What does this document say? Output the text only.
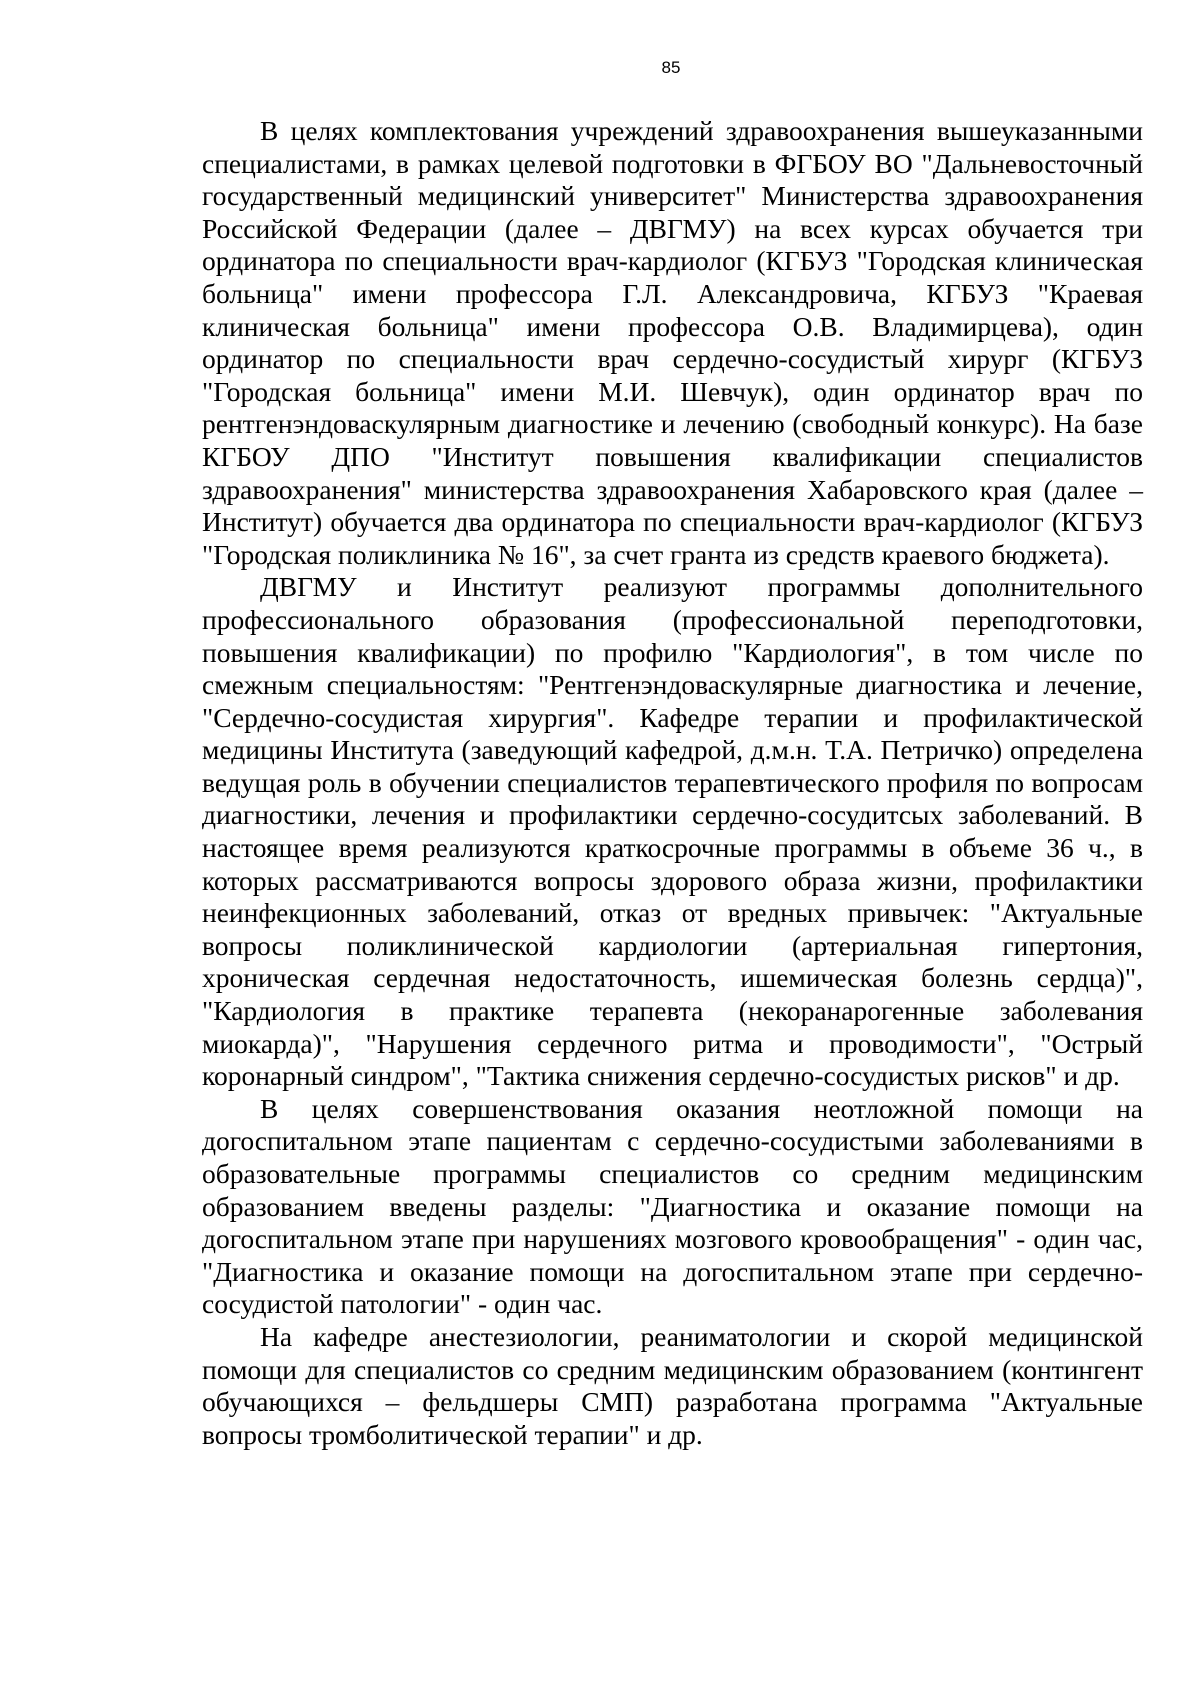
85

В целях комплектования учреждений здравоохранения вышеуказанными специалистами, в рамках целевой подготовки в ФГБОУ ВО "Дальневосточный государственный медицинский университет" Министерства здравоохранения Российской Федерации (далее – ДВГМУ) на всех курсах обучается три ординатора по специальности врач-кардиолог (КГБУЗ "Городская клиническая больница" имени профессора Г.Л. Александровича, КГБУЗ "Краевая клиническая больница" имени профессора О.В. Владимирцева), один ординатор по специальности врач сердечно-сосудистый хирург (КГБУЗ "Городская больница" имени М.И. Шевчук), один ординатор врач по рентгенэндоваскулярным диагностике и лечению (свободный конкурс). На базе КГБОУ ДПО "Институт повышения квалификации специалистов здравоохранения" министерства здравоохранения Хабаровского края (далее – Институт) обучается два ординатора по специальности врач-кардиолог (КГБУЗ "Городская поликлиника № 16", за счет гранта из средств краевого бюджета).

ДВГМУ и Институт реализуют программы дополнительного профессионального образования (профессиональной переподготовки, повышения квалификации) по профилю "Кардиология", в том числе по смежным специальностям: "Рентгенэндоваскулярные диагностика и лечение, "Сердечно-сосудистая хирургия". Кафедре терапии и профилактической медицины Института (заведующий кафедрой, д.м.н. Т.А. Петричко) определена ведущая роль в обучении специалистов терапевтического профиля по вопросам диагностики, лечения и профилактики сердечно-сосудитсых заболеваний. В настоящее время реализуются краткосрочные программы в объеме 36 ч., в которых рассматриваются вопросы здорового образа жизни, профилактики неинфекционных заболеваний, отказ от вредных привычек: "Актуальные вопросы поликлинической кардиологии (артериальная гипертония, хроническая сердечная недостаточность, ишемическая болезнь сердца)", "Кардиология в практике терапевта (некоранарогенные заболевания миокарда)", "Нарушения сердечного ритма и проводимости", "Острый коронарный синдром", "Тактика снижения сердечно-сосудистых рисков" и др.

В целях совершенствования оказания неотложной помощи на догоспитальном этапе пациентам с сердечно-сосудистыми заболеваниями в образовательные программы специалистов со средним медицинским образованием введены разделы: "Диагностика и оказание помощи на догоспитальном этапе при нарушениях мозгового кровообращения" - один час, "Диагностика и оказание помощи на догоспитальном этапе при сердечно-сосудистой патологии" - один час.

На кафедре анестезиологии, реаниматологии и скорой медицинской помощи для специалистов со средним медицинским образованием (контингент обучающихся – фельдшеры СМП) разработана программа "Актуальные вопросы тромболитической терапии" и др.
